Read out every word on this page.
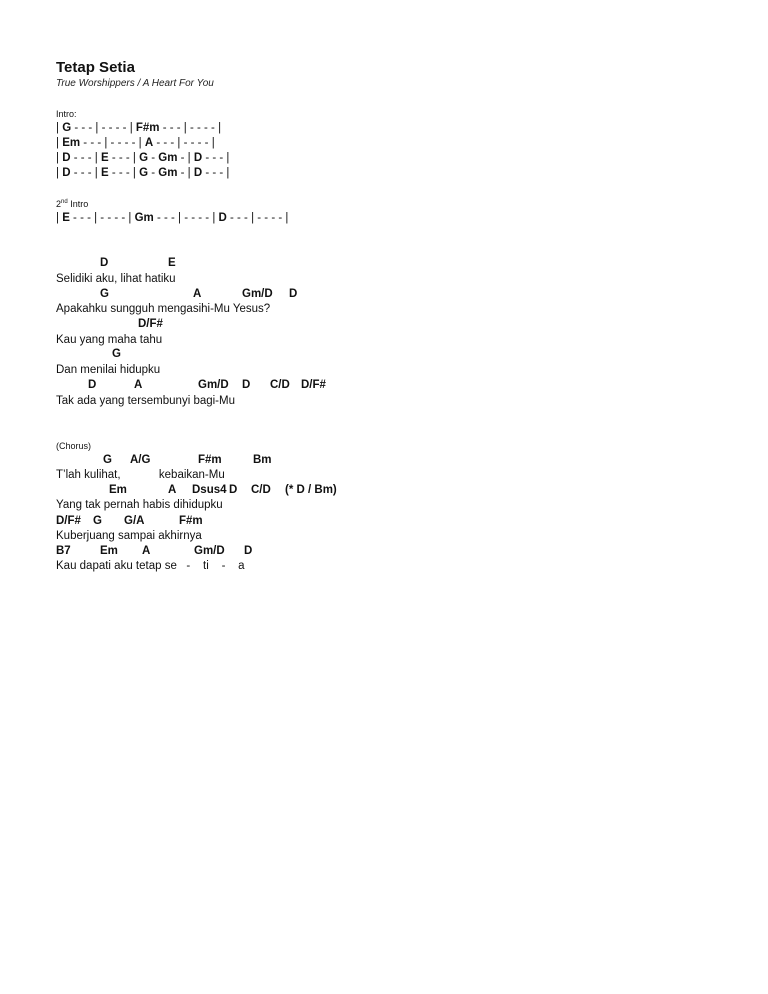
Tetap Setia
True Worshippers / A Heart For You
Intro:
| G - - - | - - - - | F#m - - - | - - - - |
| Em - - - | - - - - | A - - - | - - - - |
| D - - - | E - - - | G - Gm - | D - - - |
| D - - - | E - - - | G - Gm - | D - - - |
2nd Intro
| E - - - | - - - - | Gm - - - | - - - - | D - - - | - - - - |
D	E
G	A	Gm/D D
D/F#
G
D	A	Gm/D D C/D D/F#
Selidiki aku, lihat hatiku
Apakahku sungguh mengasihi-Mu Yesus?
Kau yang maha tahu
Dan menilai hidupku
Tak ada yang tersembunyi bagi-Mu
(Chorus)
G A/G	F#m	Bm
Em	A Dsus4 D C/D (* D / Bm)
D/F# G G/A	F#m
B7	Em A	Gm/D D
T’lah kulihat,            kebaikan-Mu
Yang tak pernah habis dihidupku
Kuberjuang sampai akhirnya
Kau dapati aku tetap se   -    ti    -    a
